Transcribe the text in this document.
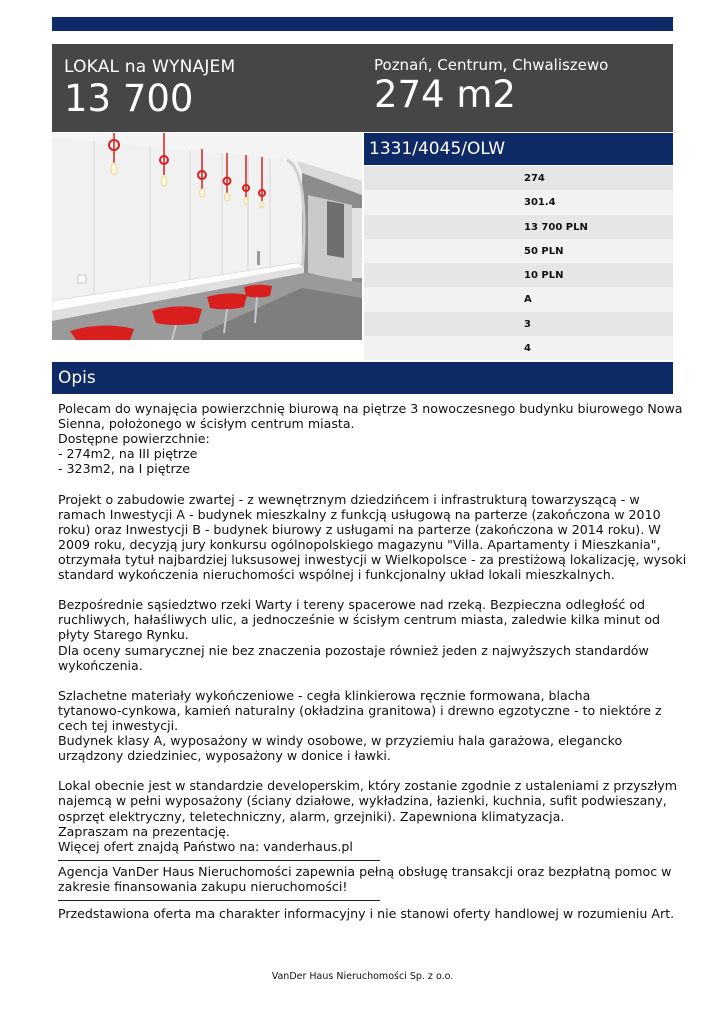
LOKAL na WYNAJEM
13 700
Poznań, Centrum, Chwaliszewo
274 m2
1331/4045/OLW
274
301.4
13 700 PLN
50 PLN
10 PLN
A
3
4
Opis

Polecam do wynajęcia powierzchnię biurową na piętrze 3 nowoczesnego budynku biurowego Nowa

Sienna, położonego w ścisłym centrum miasta.

Dostępne powierzchnie:

- 274m2, na III piętrze

- 323m2, na I piętrze

Projekt o zabudowie zwartej - z wewnętrznym dziedzińcem i infrastrukturą towarzyszącą - w

ramach Inwestycji A - budynek mieszkalny z funkcją usługową na parterze (zakończona w 2010

roku) oraz Inwestycji B - budynek biurowy z usługami na parterze (zakończona w 2014 roku). W

2009 roku, decyzją jury konkursu ogólnopolskiego magazynu "Villa. Apartamenty i Mieszkania",

otrzymała tytuł najbardziej luksusowej inwestycji w Wielkopolsce - za prestiżową lokalizację, wysoki

standard wykończenia nieruchomości wspólnej i funkcjonalny układ lokali mieszkalnych.

Bezpośrednie sąsiedztwo rzeki Warty i tereny spacerowe nad rzeką. Bezpieczna odległość od

ruchliwych, hałaśliwych ulic, a jednocześnie w ścisłym centrum miasta, zaledwie kilka minut od

płyty Starego Rynku.

Dla oceny sumarycznej nie bez znaczenia pozostaje również jeden z najwyższych standardów

wykończenia.

Szlachetne materiały wykończeniowe - cegła klinkierowa ręcznie formowana, blacha

tytanowo-cynkowa, kamień naturalny (okładzina granitowa) i drewno egzotyczne - to niektóre z

cech tej inwestycji.

Budynek klasy A, wyposażony w windy osobowe, w przyziemiu hala garażowa, elegancko

urządzony dziedziniec, wyposażony w donice i ławki.

Lokal obecnie jest w standardzie developerskim, który zostanie zgodnie z ustaleniami z przyszłym

najemcą w pełni wyposażony (ściany działowe, wykładzina, łazienki, kuchnia, sufit podwieszany,

osprzęt elektryczny, teletechniczny, alarm, grzejniki). Zapewniona klimatyzacja.

Zapraszam na prezentację.

Więcej ofert znajdą Państwo na: vanderhaus.pl

Agencja VanDer Haus Nieruchomości zapewnia pełną obsługę transakcji oraz bezpłatną pomoc w

zakresie finansowania zakupu nieruchomości!

Przedstawiona oferta ma charakter informacyjny i nie stanowi oferty handlowej w rozumieniu Art.

VanDer Haus Nieruchomości Sp. z o.o.
